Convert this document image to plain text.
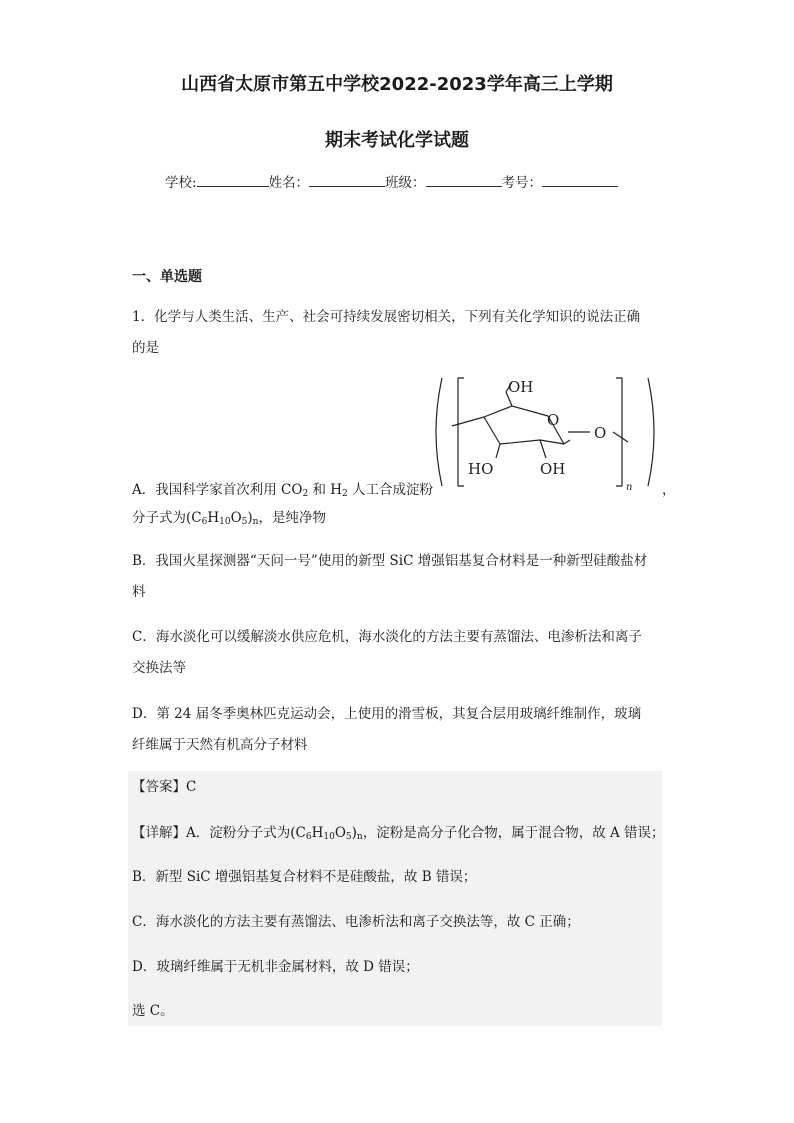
山西省太原市第五中学校2022-2023学年高三上学期
期末考试化学试题
学校:	姓名：	班级：	考号：
一、单选题
1．化学与人类生活、生产、社会可持续发展密切相关，下列有关化学知识的说法正确
的是
OH
O
O
HO	OH
n
A．我国科学家首次利用 $CO_2$ 和 $H_2$ 人工合成淀粉	，
分子式为$(C_6H_{10}O_5)_n$，是纯净物
B．我国火星探测器“天问一号”使用的新型 SiC 增强铝基复合材料是一种新型硅酸盐材
料
C．海水淡化可以缓解淡水供应危机，海水淡化的方法主要有蒸馏法、电渗析法和离子
交换法等
D．第 24 届冬季奥林匹克运动会，上使用的滑雪板，其复合层用玻璃纤维制作，玻璃
纤维属于天然有机高分子材料
【答案】C
【详解】A．淀粉分子式为$(C_6H_{10}O_5)_n$，淀粉是高分子化合物，属于混合物，故 A 错误；
B．新型 SiC 增强铝基复合材料不是硅酸盐，故 B 错误；
C．海水淡化的方法主要有蒸馏法、电渗析法和离子交换法等，故 C 正确；
D．玻璃纤维属于无机非金属材料，故 D 错误；
选 C。
